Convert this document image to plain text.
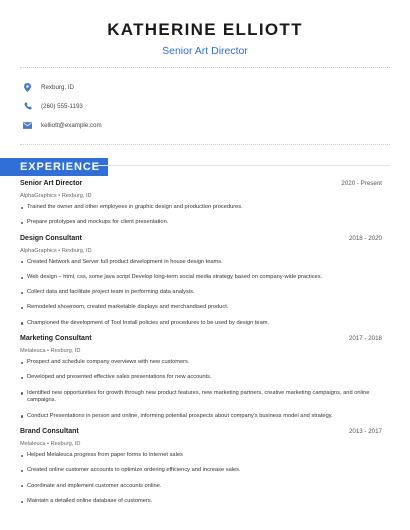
KATHERINE ELLIOTT
Senior Art Director
Rexburg, ID
(260) 555-1193
kelliott@example.com
EXPERIENCE
Senior Art Director	2020 - Present
AlphaGraphics • Rexburg, ID
Trained the owner and other employees in graphic design and production procedures.
Prepare prototypes and mockups for client presentation.
Design Consultant	2018 - 2020
AlphaGraphics • Rexburg, ID
Created Network and Server full product development in house design teams.
Web design – html, css, some java script Develop long-term social media strategy based on company-wide practices.
Collect data and facilitate project team in performing data analysis.
Remodeled showroom, created marketable displays and merchandised product.
Championed the development of Tool Install policies and procedures to be used by design team.
Marketing Consultant	2017 - 2018
Melaleuca • Rexburg, ID
Prospect and schedule company overviews with new customers.
Developed and presented effective sales presentations for new accounts.
Identified new opportunities for growth through new product features, new marketing partners, creative marketing campaigns, and online campaigns.
Conduct Presentations in person and online, informing potential prospects about company's business model and strategy.
Brand Consultant	2013 - 2017
Melaleuca • Rexburg, ID
Helped Melaleuca progress from paper forms to internet sales
Created online customer accounts to optimize ordering efficiency and increase sales.
Coordinate and implement customer accounts online.
Maintain a detailed online database of customers.
